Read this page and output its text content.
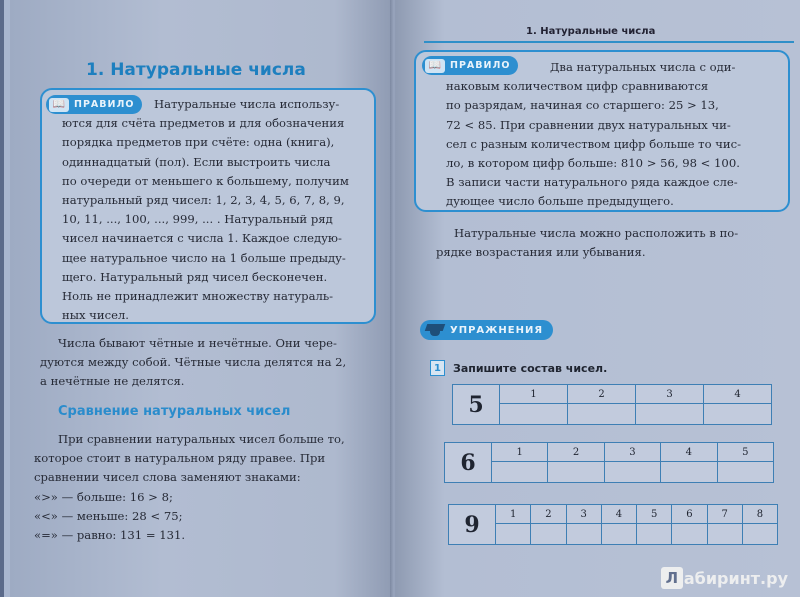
1. Натуральные числа
📖 ПРАВИЛО	Натуральные числа использу-
ются для счёта предметов и для обозначения
порядка предметов при счёте: одна (книга),
одиннадцатый (пол). Если выстроить числа
по очереди от меньшего к большему, получим
натуральный ряд чисел: 1, 2, 3, 4, 5, 6, 7, 8, 9,
10, 11, ..., 100, ..., 999, ... . Натуральный ряд
чисел начинается с числа 1. Каждое следую-
щее натуральное число на 1 больше предыду-
щего. Натуральный ряд чисел бесконечен.
Ноль не принадлежит множеству натураль-
ных чисел.
Числа бывают чётные и нечётные. Они чере-
дуются между собой. Чётные числа делятся на 2,
а нечётные не делятся.
Сравнение натуральных чисел
При сравнении натуральных чисел больше то,
которое стоит в натуральном ряду правее. При
сравнении чисел слова заменяют знаками:
«>» — больше: 16 > 8;
«<» — меньше: 28 < 75;
«=» — равно: 131 = 131.
1. Натуральные числа
📖 ПРАВИЛО	Два натуральных числа с оди-
наковым количеством цифр сравниваются
по разрядам, начиная со старшего: 25 > 13,
72 < 85. При сравнении двух натуральных чи-
сел с разным количеством цифр больше то чис-
ло, в котором цифр больше: 810 > 56, 98 < 100.
В записи части натурального ряда каждое сле-
дующее число больше предыдущего.
Натуральные числа можно расположить в по-
рядке возрастания или убывания.
УПРАЖНЕНИЯ
1	Запишите состав чисел.
5	1	2	3	4

6	1	2	3	4	5

9	1	2	3	4	5	6	7	8

Л абиринт.ру
